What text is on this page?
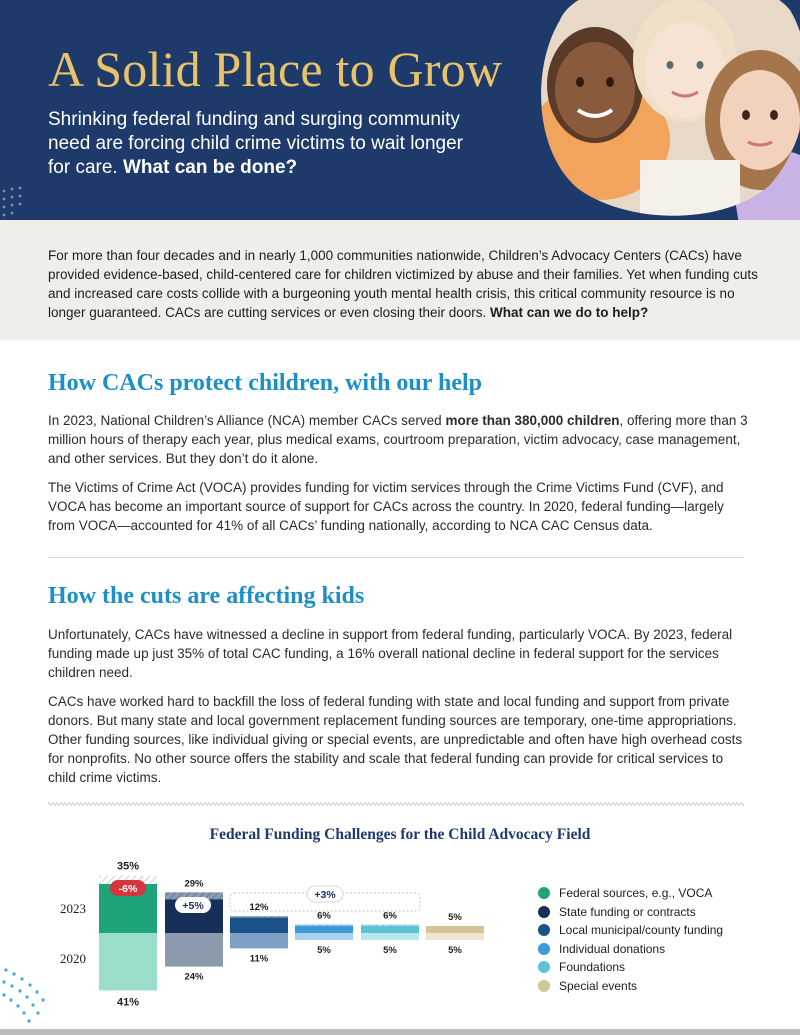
A Solid Place to Grow
Shrinking federal funding and surging community need are forcing child crime victims to wait longer for care. What can be done?

For more than four decades and in nearly 1,000 communities nationwide, Children’s Advocacy Centers (CACs) have provided evidence-based, child-centered care for children victimized by abuse and their families. Yet when funding cuts and increased care costs collide with a burgeoning youth mental health crisis, this critical community resource is no longer guaranteed. CACs are cutting services or even closing their doors. What can we do to help?

How CACs protect children, with our help

In 2023, National Children’s Alliance (NCA) member CACs served more than 380,000 children, offering more than 3 million hours of therapy each year, plus medical exams, courtroom preparation, victim advocacy, case management, and other services. But they don’t do it alone.

The Victims of Crime Act (VOCA) provides funding for victim services through the Crime Victims Fund (CVF), and VOCA has become an important source of support for CACs across the country. In 2020, federal funding—largely from VOCA—accounted for 41% of all CACs’ funding nationally, according to NCA CAC Census data.

How the cuts are affecting kids

Unfortunately, CACs have witnessed a decline in support from federal funding, particularly VOCA. By 2023, federal funding made up just 35% of total CAC funding, a 16% overall national decline in federal support for the services children need.

CACs have worked hard to backfill the loss of federal funding with state and local funding and support from private donors. But many state and local government replacement funding sources are temporary, one-time appropriations. Other funding sources, like individual giving or special events, are unpredictable and often have high overhead costs for nonprofits. No other source offers the stability and scale that federal funding can provide for critical services to child crime victims.

Federal Funding Challenges for the Child Advocacy Field
2023
2020
35%
41%
29%
24%
12%
11%
6%
5%
6%
5%
5%
5%
-6%
+5%
+3%	Federal sources, e.g., VOCA
State funding or contracts
Local municipal/county funding
Individual donations
Foundations
Special events
